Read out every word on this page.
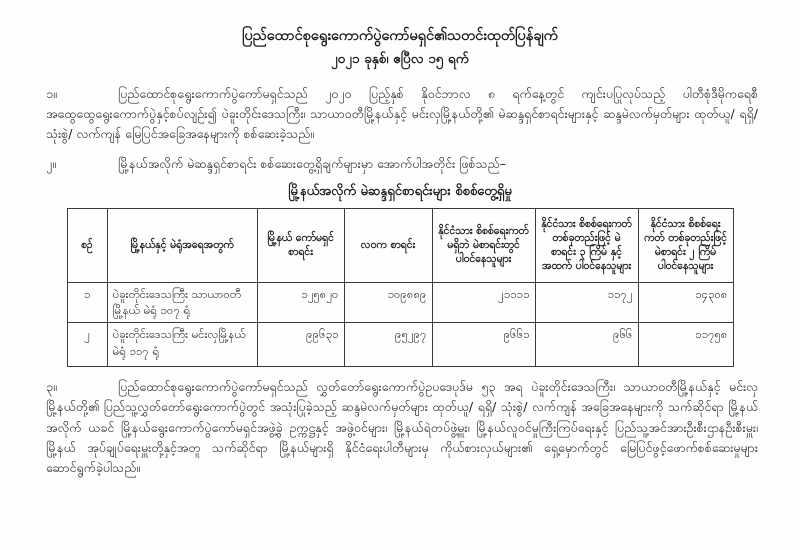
ပြည်ထောင်စုရွေးကောက်ပွဲကော်မရှင်၏သတင်းထုတ်ပြန်ချက်
၂၀၂၁ ခုနှစ်၊ ဧပြီလ ၁၅ ရက်
၁။	ပြည်ထောင်စုရွေးကောက်ပွဲကော်မရှင်သည် ၂၀၂၀ ပြည့်နှစ် နိုဝင်ဘာလ ၈ ရက်နေ့တွင် ကျင်းပပြုလုပ်သည့် ပါတီစုံဒီမိုကရေစီအထွေထွေရွေးကောက်ပွဲနှင့်စပ်လျဉ်း၍ ပဲခူးတိုင်းဒေသကြီး၊ သာယာဝတီမြို့နယ်နှင့် မင်းလှမြို့နယ်တို့၏ မဲဆန္ဒရှင်စာရင်းများနှင့် ဆန္ဒမဲလက်မှတ်များ ထုတ်ယူ/ ရရှိ/ သုံးစွဲ/ လက်ကျန် မြေပြင်အခြေအနေများကို စစ်ဆေးခဲ့သည်။
၂။	မြို့နယ်အလိုက် မဲဆန္ဒရှင်စာရင်း စစ်ဆေးတွေ့ရှိချက်များမှာ အောက်ပါအတိုင်း ဖြစ်သည်–
မြို့နယ်အလိုက် မဲဆန္ဒရှင်စာရင်းများ စိစစ်တွေ့ရှိမှု
စဉ်	မြို့နယ်နှင့် မဲရုံအရေအတွက်	မြို့နယ် ကော်မရှင် စာရင်း	လဝက စာရင်း	နိုင်ငံသား စိစစ်ရေးကတ် မရှိဘဲ မဲစာရင်းတွင် ပါဝင်နေသူများ	နိုင်ငံသား စိစစ်ရေးကတ် တစ်ခုတည်းဖြင့် မဲစာရင်း ၃ ကြိမ် နှင့် အထက် ပါဝင်နေသူများ	နိုင်ငံသား စိစစ်ရေးကတ် တစ်ခုတည်းဖြင့် မဲစာရင်း ၂ ကြိမ် ပါဝင်နေသူများ
၁	ပဲခူးတိုင်းဒေသကြီး သာယာဝတီမြို့နယ် မဲရုံ ၁၀၇ ရုံ	၁၂၅၈၂၀	၁၀၉၈၈၉	၂၁၁၁၁	၁၁၇၂	၁၄၃၀၈
၂	ပဲခူးတိုင်းဒေသကြီး မင်းလှမြို့နယ် မဲရုံ ၁၁၇ ရုံ	၉၉၆၃၁	၉၅၂၉၇	၉၆၆၁	၉၆၆	၁၁၇၅၈
၃။	ပြည်ထောင်စုရွေးကောက်ပွဲကော်မရှင်သည် လွှတ်တော်ရွေးကောက်ပွဲဥပဒေပုဒ်မ ၅၃ အရ ပဲခူးတိုင်းဒေသကြီး၊ သာယာဝတီမြို့နယ်နှင့် မင်းလှမြို့နယ်တို့၏ ပြည်သူ့လွှတ်တော်ရွေးကောက်ပွဲတွင် အသုံးပြုခဲ့သည့် ဆန္ဒမဲလက်မှတ်များ ထုတ်ယူ/ ရရှိ/ သုံးစွဲ/ လက်ကျန် အခြေအနေများကို သက်ဆိုင်ရာ မြို့နယ်အလိုက် ယခင် မြို့နယ်ရွေးကောက်ပွဲကော်မရှင်အဖွဲ့ခွဲ ဥက္ကဋ္ဌနှင့် အဖွဲ့ဝင်များ၊ မြို့နယ်ရဲတပ်ဖွဲ့မှူး၊ မြို့နယ်လူဝင်မှုကြီးကြပ်ရေးနှင့် ပြည်သူ့အင်အားဦးစီးဌာနဦးစီးမှူး၊ မြို့နယ် အုပ်ချုပ်ရေးမှူးတို့နှင့်အတူ သက်ဆိုင်ရာ မြို့နယ်များရှိ နိုင်ငံရေးပါတီများမှ ကိုယ်စားလှယ်များ၏ ရှေ့မှောက်တွင် မြေပြင်ဖွင့်ဖောက်စစ်ဆေးမှုများ ဆောင်ရွက်ခဲ့ပါသည်။
